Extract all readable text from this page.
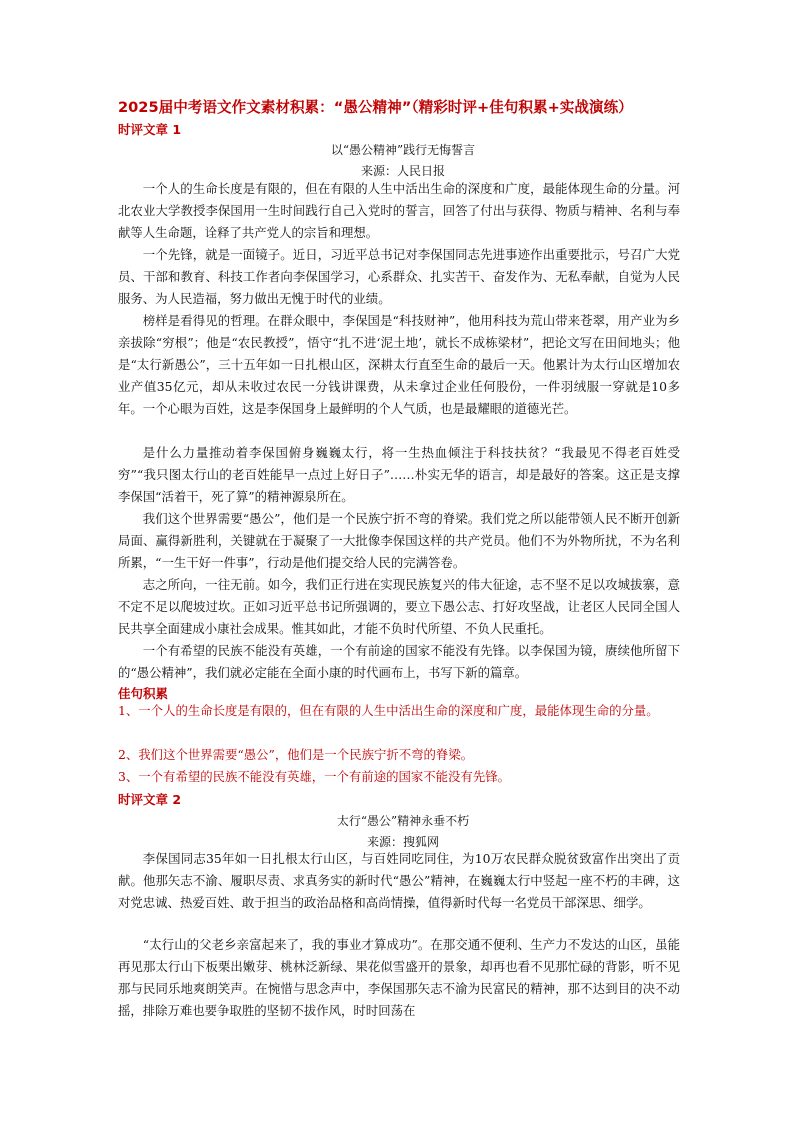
2025届中考语文作文素材积累：“愚公精神”（精彩时评+佳句积累+实战演练）
时评文章 1
以“愚公精神”践行无悔誓言
来源：人民日报
一个人的生命长度是有限的，但在有限的人生中活出生命的深度和广度，最能体现生命的分量。河北农业大学教授李保国用一生时间践行自己入党时的誓言，回答了付出与获得、物质与精神、名利与奉献等人生命题，诠释了共产党人的宗旨和理想。
一个先锋，就是一面镜子。近日，习近平总书记对李保国同志先进事迹作出重要批示，号召广大党员、干部和教育、科技工作者向李保国学习，心系群众、扎实苦干、奋发作为、无私奉献，自觉为人民服务、为人民造福，努力做出无愧于时代的业绩。
榜样是看得见的哲理。在群众眼中，李保国是“科技财神”，他用科技为荒山带来苍翠，用产业为乡亲拔除“穷根”；他是“农民教授”，悟守“扎不进‘泥土地’，就长不成栋梁材”，把论文写在田间地头；他是“太行新愚公”，三十五年如一日扎根山区，深耕太行直至生命的最后一天。他累计为太行山区增加农业产值35亿元，却从未收过农民一分钱讲课费，从未拿过企业任何股份，一件羽绒服一穿就是10多年。一个心眼为百姓，这是李保国身上最鲜明的个人气质，也是最耀眼的道德光芒。
是什么力量推动着李保国俯身巍巍太行，将一生热血倾注于科技扶贫？“我最见不得老百姓受穷”“我只图太行山的老百姓能早一点过上好日子”……朴实无华的语言，却是最好的答案。这正是支撑李保国“活着干，死了算”的精神源泉所在。
我们这个世界需要“愚公”，他们是一个民族宁折不弯的脊梁。我们党之所以能带领人民不断开创新局面、赢得新胜利，关键就在于凝聚了一大批像李保国这样的共产党员。他们不为外物所扰，不为名利所累，“一生干好一件事”，行动是他们提交给人民的完满答卷。
志之所向，一往无前。如今，我们正行进在实现民族复兴的伟大征途，志不坚不足以攻城拔寨，意不定不足以爬坡过坎。正如习近平总书记所强调的，要立下愚公志、打好攻坚战，让老区人民同全国人民共享全面建成小康社会成果。惟其如此，才能不负时代所望、不负人民重托。
一个有希望的民族不能没有英雄，一个有前途的国家不能没有先锋。以李保国为镜，赓续他所留下的“愚公精神”，我们就必定能在全面小康的时代画布上，书写下新的篇章。
佳句积累
1、一个人的生命长度是有限的，但在有限的人生中活出生命的深度和广度，最能体现生命的分量。
2、我们这个世界需要“愚公”，他们是一个民族宁折不弯的脊梁。
3、一个有希望的民族不能没有英雄，一个有前途的国家不能没有先锋。
时评文章 2
太行“愚公”精神永垂不朽
来源：搜狐网
李保国同志35年如一日扎根太行山区，与百姓同吃同住，为10万农民群众脱贫致富作出突出了贡献。他那矢志不渝、履职尽责、求真务实的新时代“愚公”精神，在巍巍太行中竖起一座不朽的丰碑，这对党忠诚、热爱百姓、敢于担当的政治品格和高尚情操，值得新时代每一名党员干部深思、细学。
“太行山的父老乡亲富起来了，我的事业才算成功”。在那交通不便利、生产力不发达的山区，虽能再见那太行山下板栗出嫩芽、桃林泛新绿、果花似雪盛开的景象，却再也看不见那忙碌的背影，听不见那与民同乐地爽朗笑声。在惋惜与思念声中，李保国那矢志不渝为民富民的精神，那不达到目的决不动摇，排除万难也要争取胜的坚韧不拔作风，时时回荡在
